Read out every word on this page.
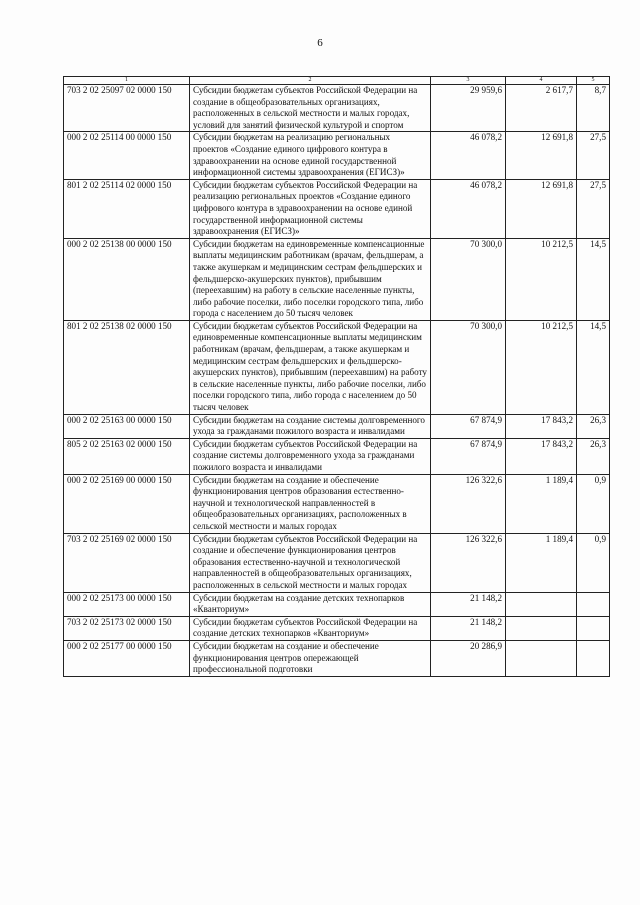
6
1	2	3	4	5
703 2 02 25097 02 0000 150	Субсидии бюджетам субъектов Российской Федерации на создание в общеобразовательных организациях, расположенных в сельской местности и малых городах, условий для занятий физической культурой и спортом	29 959,6	2 617,7	8,7
000 2 02 25114 00 0000 150	Субсидии бюджетам на реализацию региональных проектов «Создание единого цифрового контура в здравоохранении на основе единой государственной информационной системы здравоохранения (ЕГИСЗ)»	46 078,2	12 691,8	27,5
801 2 02 25114 02 0000 150	Субсидии бюджетам субъектов Российской Федерации на реализацию региональных проектов «Создание единого цифрового контура в здравоохранении на основе единой государственной информационной системы здравоохранения (ЕГИСЗ)»	46 078,2	12 691,8	27,5
000 2 02 25138 00 0000 150	Субсидии бюджетам на единовременные компенсационные выплаты медицинским работникам (врачам, фельдшерам, а также акушеркам и медицинским сестрам фельдшерских и фельдшерско-акушерских пунктов), прибывшим (переехавшим) на работу в сельские населенные пункты, либо рабочие поселки, либо поселки городского типа, либо города с населением до 50 тысяч человек	70 300,0	10 212,5	14,5
801 2 02 25138 02 0000 150	Субсидии бюджетам субъектов Российской Федерации на единовременные компенсационные выплаты медицинским работникам (врачам, фельдшерам, а также акушеркам и медицинским сестрам фельдшерских и фельдшерско-акушерских пунктов), прибывшим (переехавшим) на работу в сельские населенные пункты, либо рабочие поселки, либо поселки городского типа, либо города с населением до 50 тысяч человек	70 300,0	10 212,5	14,5
000 2 02 25163 00 0000 150	Субсидии бюджетам на создание системы долговременного ухода за гражданами пожилого возраста и инвалидами	67 874,9	17 843,2	26,3
805 2 02 25163 02 0000 150	Субсидии бюджетам субъектов Российской Федерации на создание системы долговременного ухода за гражданами пожилого возраста и инвалидами	67 874,9	17 843,2	26,3
000 2 02 25169 00 0000 150	Субсидии бюджетам на создание и обеспечение функционирования центров образования естественно-научной и технологической направленностей в общеобразовательных организациях, расположенных в сельской местности и малых городах	126 322,6	1 189,4	0,9
703 2 02 25169 02 0000 150	Субсидии бюджетам субъектов Российской Федерации на создание и обеспечение функционирования центров образования естественно-научной и технологической направленностей в общеобразовательных организациях, расположенных в сельской местности и малых городах	126 322,6	1 189,4	0,9
000 2 02 25173 00 0000 150	Субсидии бюджетам на создание детских технопарков «Кванториум»	21 148,2		
703 2 02 25173 02 0000 150	Субсидии бюджетам субъектов Российской Федерации на создание детских технопарков «Кванториум»	21 148,2		
000 2 02 25177 00 0000 150	Субсидии бюджетам на создание и обеспечение функционирования центров опережающей профессиональной подготовки	20 286,9		
